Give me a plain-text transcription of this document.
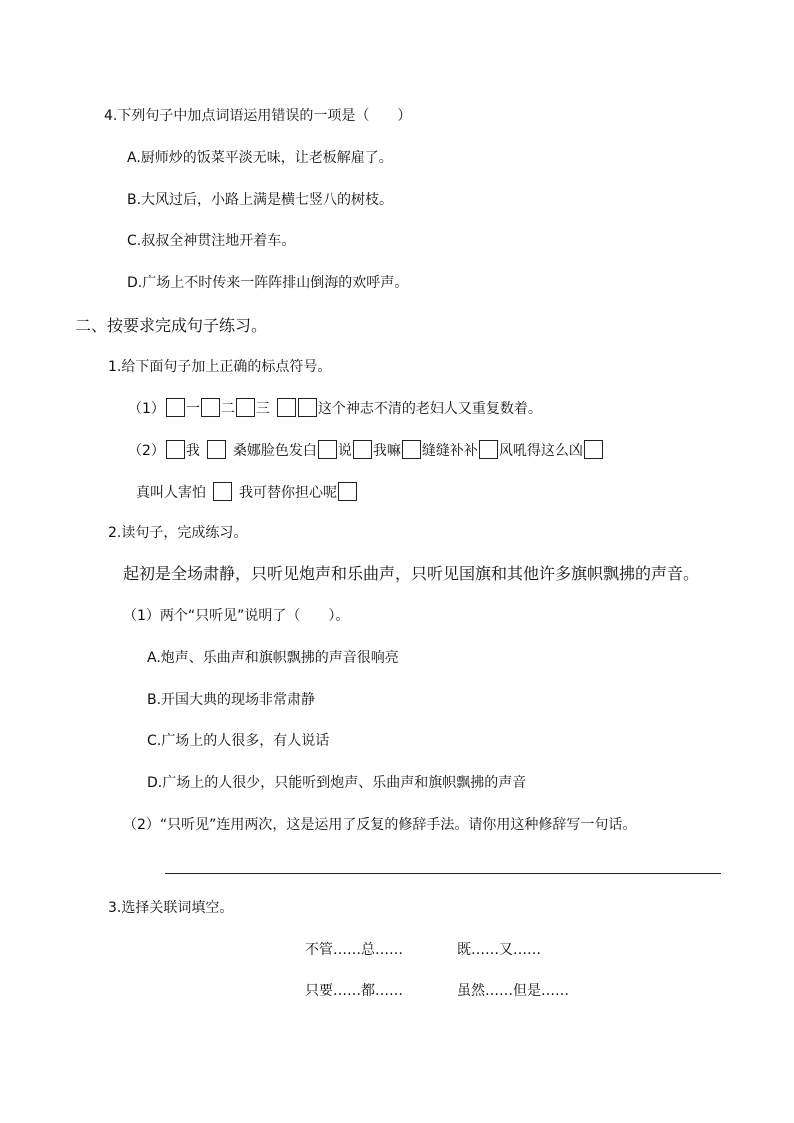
4.下列句子中加点词语运用错误的一项是（　　）
A.厨师炒的饭菜平淡无味，让老板解雇了。
B.大风过后，小路上满是横七竖八的树枝。
C.叔叔全神贯注地开着车。
D.广场上不时传来一阵阵排山倒海的欢呼声。
二、按要求完成句子练习。
1.给下面句子加上正确的标点符号。
（1） 一 二 三	这个神志不清的老妇人又重复数着。
（2） 我 桑娜脸色发白 说 我嘛 缝缝补补 风吼得这么凶
真叫人害怕 我可替你担心呢
2.读句子，完成练习。
起初是全场肃静，只听见炮声和乐曲声，只听见国旗和其他许多旗帜飘拂的声音。
（1）两个“只听见”说明了（　　）。
A.炮声、乐曲声和旗帜飘拂的声音很响亮
B.开国大典的现场非常肃静
C.广场上的人很多，有人说话
D.广场上的人很少，只能听到炮声、乐曲声和旗帜飘拂的声音
（2）“只听见”连用两次，这是运用了反复的修辞手法。请你用这种修辞写一句话。
3.选择关联词填空。
不管……总……	既……又……
只要……都……	虽然……但是……
